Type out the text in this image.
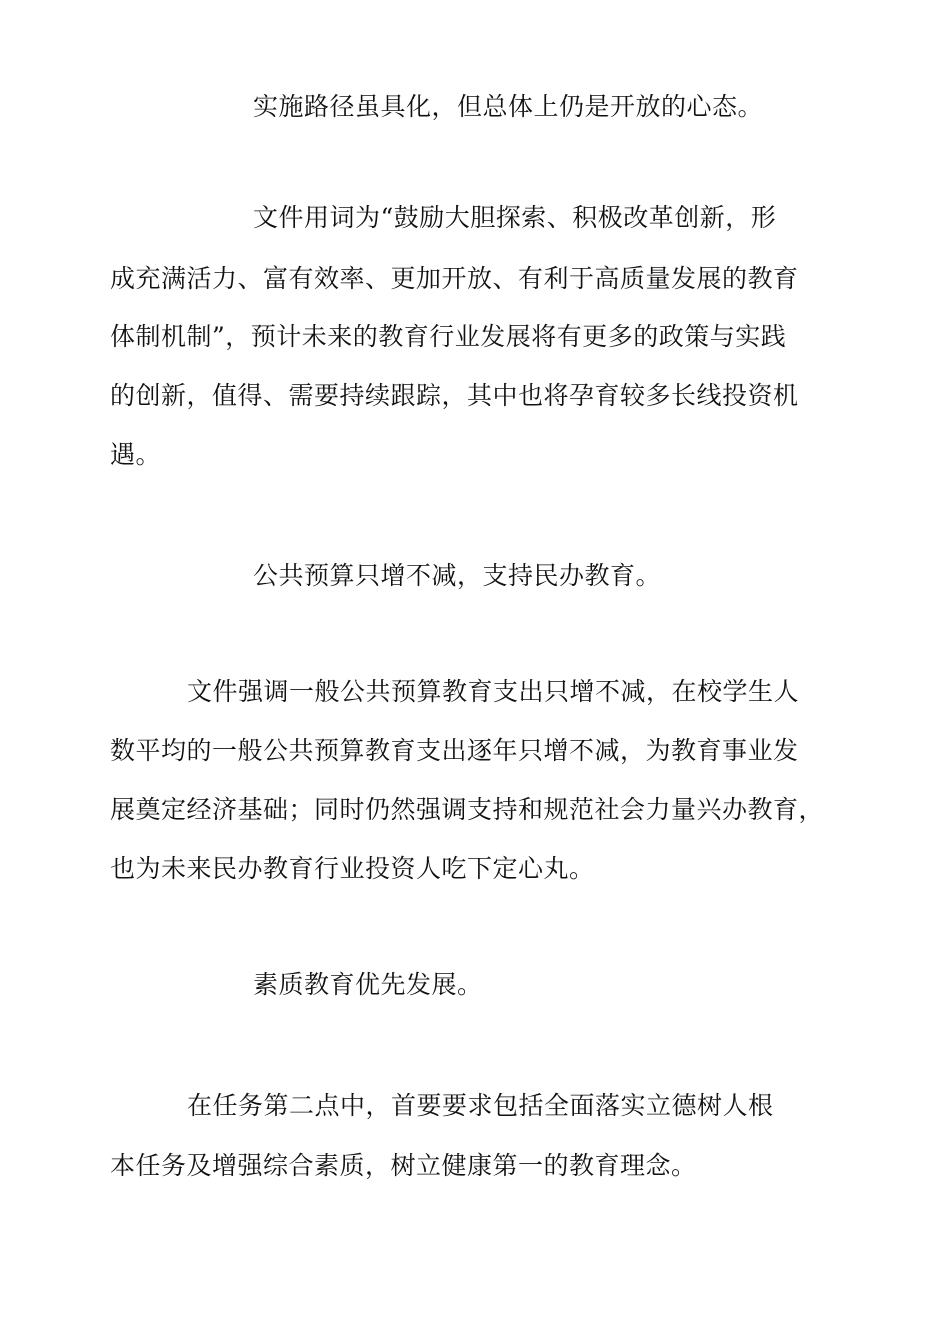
实施路径虽具化，但总体上仍是开放的心态。
文件用词为“鼓励大胆探索、积极改革创新，形
成充满活力、富有效率、更加开放、有利于高质量发展的教育
体制机制”，预计未来的教育行业发展将有更多的政策与实践
的创新，值得、需要持续跟踪，其中也将孕育较多长线投资机
遇。
公共预算只增不减，支持民办教育。
文件强调一般公共预算教育支出只增不减，在校学生人
数平均的一般公共预算教育支出逐年只增不减，为教育事业发
展奠定经济基础；同时仍然强调支持和规范社会力量兴办教育，
也为未来民办教育行业投资人吃下定心丸。
素质教育优先发展。
在任务第二点中，首要要求包括全面落实立德树人根
本任务及增强综合素质，树立健康第一的教育理念。
